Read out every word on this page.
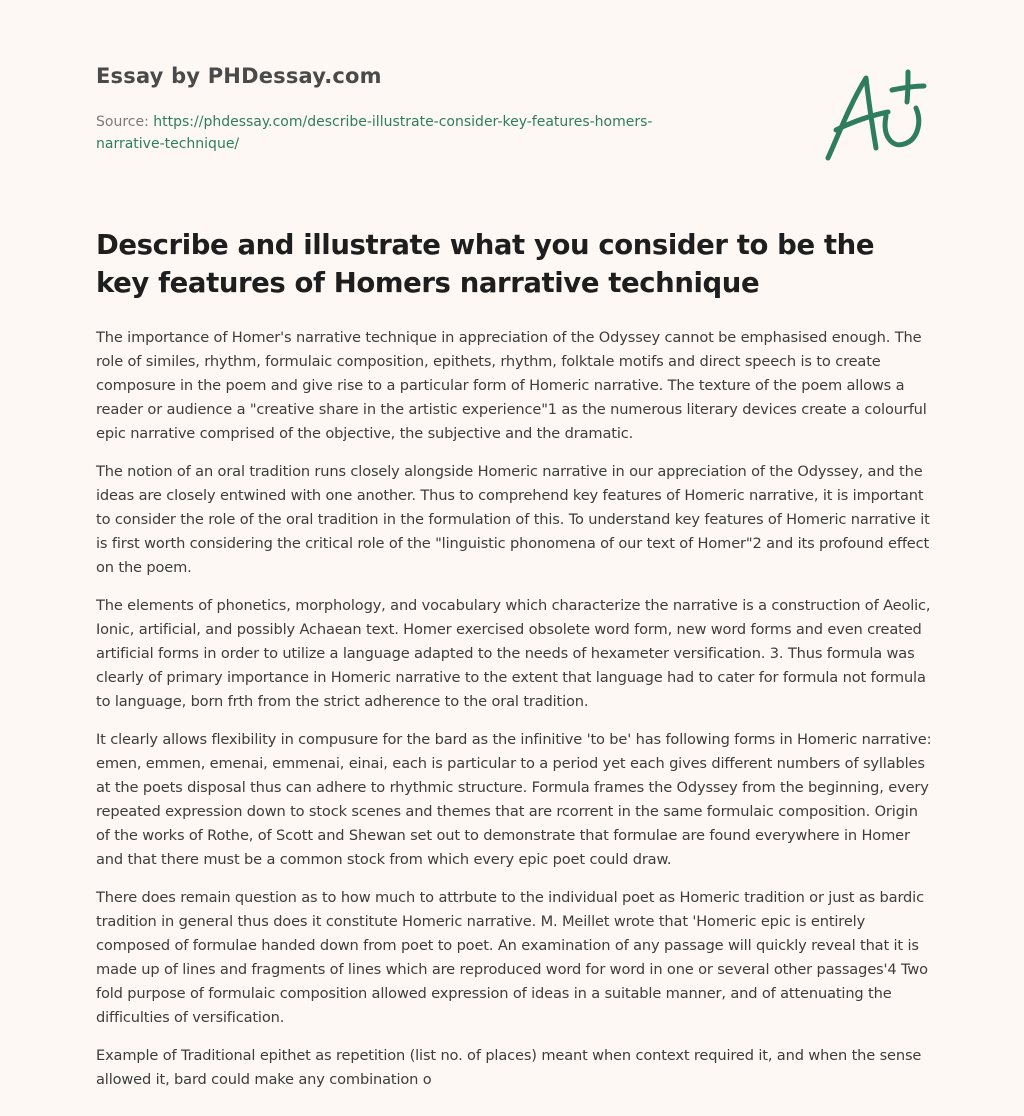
Essay by PHDessay.com
Source: https://phdessay.com/describe-illustrate-consider-key-features-homers-narrative-technique/
Describe and illustrate what you consider to be the key features of Homers narrative technique

The importance of Homer's narrative technique in appreciation of the Odyssey cannot be emphasised enough. The role of similes, rhythm, formulaic composition, epithets, rhythm, folktale motifs and direct speech is to create composure in the poem and give rise to a particular form of Homeric narrative. The texture of the poem allows a reader or audience a "creative share in the artistic experience"1 as the numerous literary devices create a colourful epic narrative comprised of the objective, the subjective and the dramatic.

The notion of an oral tradition runs closely alongside Homeric narrative in our appreciation of the Odyssey, and the ideas are closely entwined with one another. Thus to comprehend key features of Homeric narrative, it is important to consider the role of the oral tradition in the formulation of this. To understand key features of Homeric narrative it is first worth considering the critical role of the "linguistic phonomena of our text of Homer"2 and its profound effect on the poem.

The elements of phonetics, morphology, and vocabulary which characterize the narrative is a construction of Aeolic, Ionic, artificial, and possibly Achaean text. Homer exercised obsolete word form, new word forms and even created artificial forms in order to utilize a language adapted to the needs of hexameter versification. 3. Thus formula was clearly of primary importance in Homeric narrative to the extent that language had to cater for formula not formula to language, born frth from the strict adherence to the oral tradition.

It clearly allows flexibility in compusure for the bard as the infinitive 'to be' has following forms in Homeric narrative: emen, emmen, emenai, emmenai, einai, each is particular to a period yet each gives different numbers of syllables at the poets disposal thus can adhere to rhythmic structure. Formula frames the Odyssey from the beginning, every repeated expression down to stock scenes and themes that are rcorrent in the same formulaic composition. Origin of the works of Rothe, of Scott and Shewan set out to demonstrate that formulae are found everywhere in Homer and that there must be a common stock from which every epic poet could draw.

There does remain question as to how much to attrbute to the individual poet as Homeric tradition or just as bardic tradition in general thus does it constitute Homeric narrative. M. Meillet wrote that 'Homeric epic is entirely composed of formulae handed down from poet to poet. An examination of any passage will quickly reveal that it is made up of lines and fragments of lines which are reproduced word for word in one or several other passages'4 Two fold purpose of formulaic composition allowed expression of ideas in a suitable manner, and of attenuating the difficulties of versification.

Example of Traditional epithet as repetition (list no. of places) meant when context required it, and when the sense allowed it, bard could make any combination o
